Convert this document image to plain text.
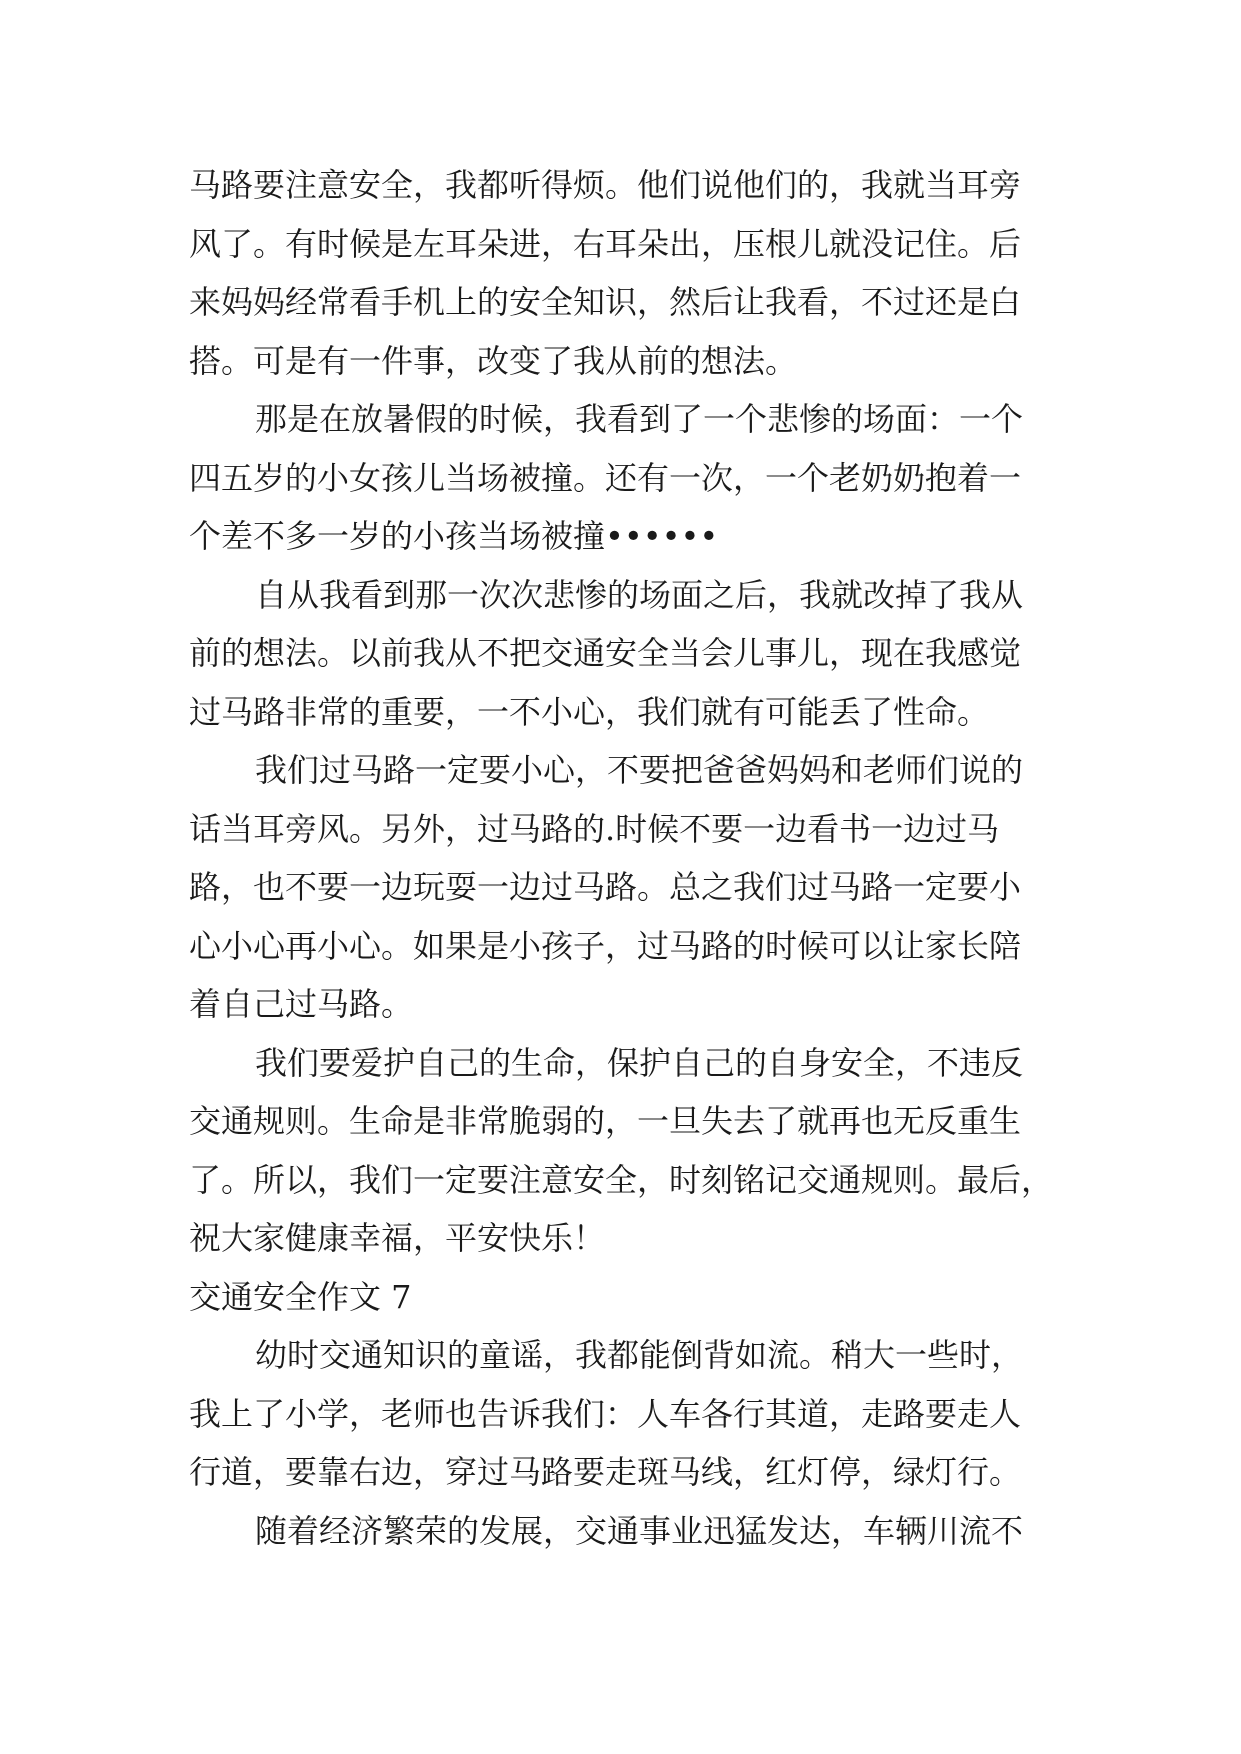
马路要注意安全，我都听得烦。他们说他们的，我就当耳旁
风了。有时候是左耳朵进，右耳朵出，压根儿就没记住。后
来妈妈经常看手机上的安全知识，然后让我看，不过还是白
搭。可是有一件事，改变了我从前的想法。
那是在放暑假的时候，我看到了一个悲惨的场面：一个
四五岁的小女孩儿当场被撞。还有一次，一个老奶奶抱着一
个差不多一岁的小孩当场被撞••••••
自从我看到那一次次悲惨的场面之后，我就改掉了我从
前的想法。以前我从不把交通安全当会儿事儿，现在我感觉
过马路非常的重要，一不小心，我们就有可能丢了性命。
我们过马路一定要小心，不要把爸爸妈妈和老师们说的
话当耳旁风。另外，过马路的.时候不要一边看书一边过马
路，也不要一边玩耍一边过马路。总之我们过马路一定要小
心小心再小心。如果是小孩子，过马路的时候可以让家长陪
着自己过马路。
我们要爱护自己的生命，保护自己的自身安全，不违反
交通规则。生命是非常脆弱的，一旦失去了就再也无反重生
了。所以，我们一定要注意安全，时刻铭记交通规则。最后，
祝大家健康幸福，平安快乐！
交通安全作文 7
幼时交通知识的童谣，我都能倒背如流。稍大一些时，
我上了小学，老师也告诉我们：人车各行其道，走路要走人
行道，要靠右边，穿过马路要走斑马线，红灯停，绿灯行。
随着经济繁荣的发展，交通事业迅猛发达，车辆川流不
